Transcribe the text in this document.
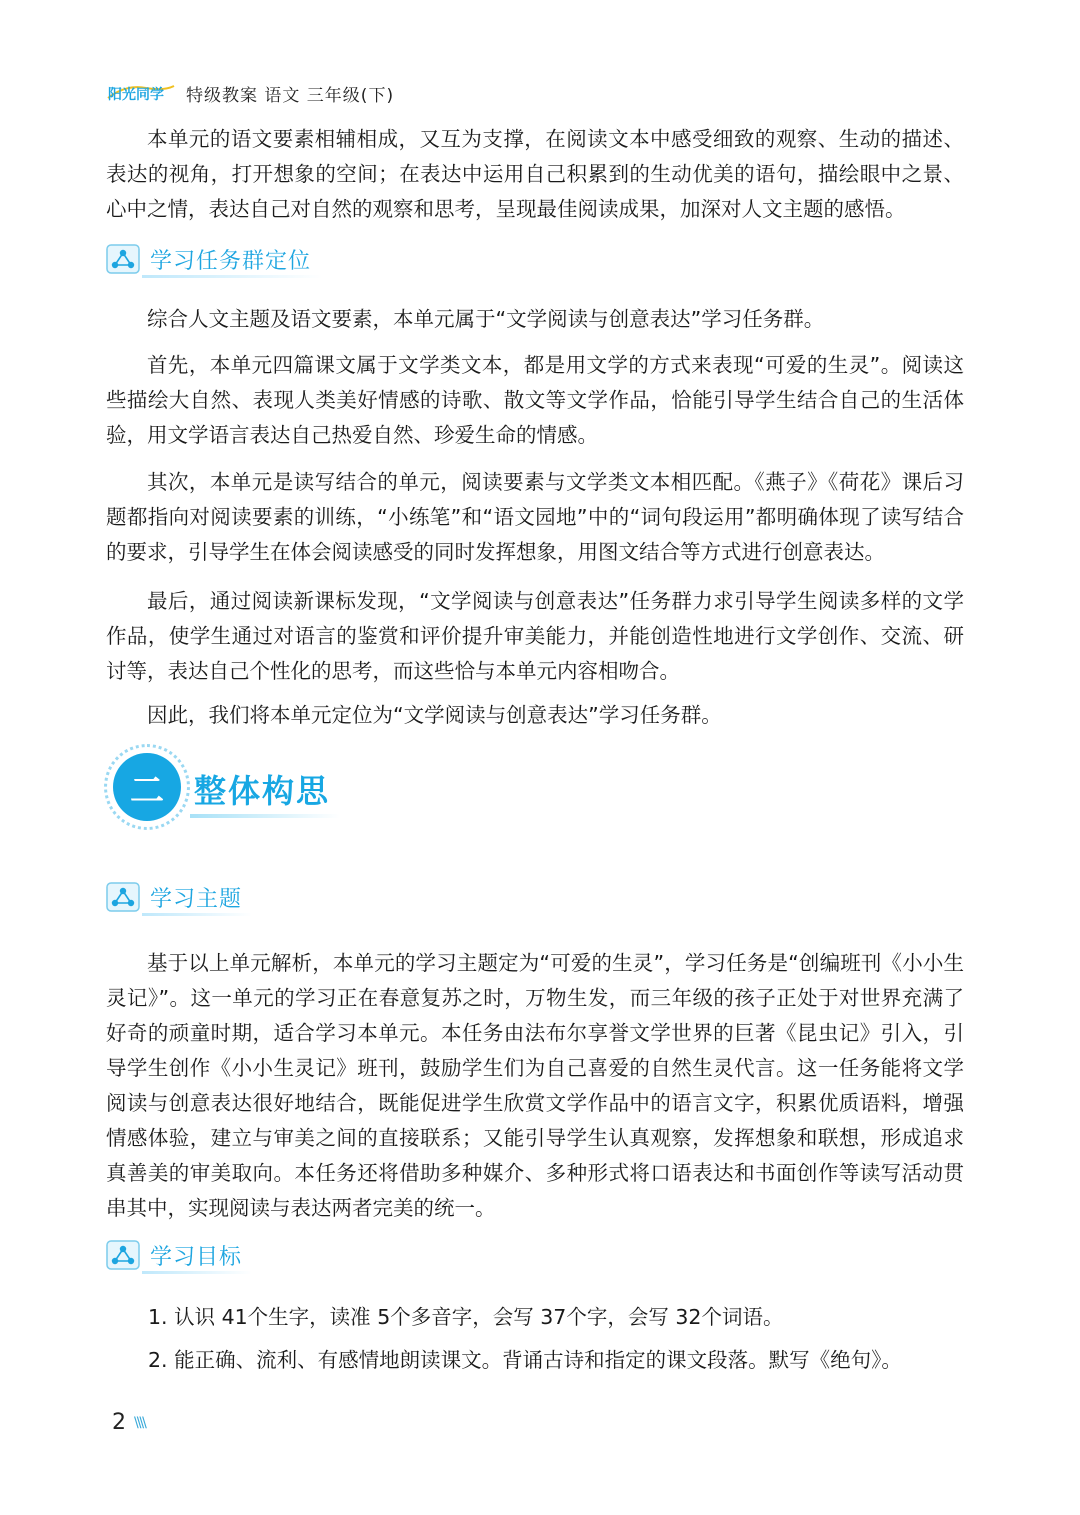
阳光同学 特级教案 语文 三年级(下)

本单元的语文要素相辅相成，又互为支撑，在阅读文本中感受细致的观察、生动的描述、表达的视角，打开想象的空间；在表达中运用自己积累到的生动优美的语句，描绘眼中之景、心中之情，表达自己对自然的观察和思考，呈现最佳阅读成果，加深对人文主题的感悟。

学习任务群定位

综合人文主题及语文要素，本单元属于“文学阅读与创意表达”学习任务群。

首先，本单元四篇课文属于文学类文本，都是用文学的方式来表现“可爱的生灵”。阅读这些描绘大自然、表现人类美好情感的诗歌、散文等文学作品，恰能引导学生结合自己的生活体验，用文学语言表达自己热爱自然、珍爱生命的情感。

其次，本单元是读写结合的单元，阅读要素与文学类文本相匹配。《燕子》《荷花》课后习题都指向对阅读要素的训练，“小练笔”和“语文园地”中的“词句段运用”都明确体现了读写结合的要求，引导学生在体会阅读感受的同时发挥想象，用图文结合等方式进行创意表达。

最后，通过阅读新课标发现，“文学阅读与创意表达”任务群力求引导学生阅读多样的文学作品，使学生通过对语言的鉴赏和评价提升审美能力，并能创造性地进行文学创作、交流、研讨等，表达自己个性化的思考，而这些恰与本单元内容相吻合。

因此，我们将本单元定位为“文学阅读与创意表达”学习任务群。

二 整体构思
学习主题

基于以上单元解析，本单元的学习主题定为“可爱的生灵”，学习任务是“创编班刊《小小生灵记》”。这一单元的学习正在春意复苏之时，万物生发，而三年级的孩子正处于对世界充满了好奇的顽童时期，适合学习本单元。本任务由法布尔享誉文学世界的巨著《昆虫记》引入，引导学生创作《小小生灵记》班刊，鼓励学生们为自己喜爱的自然生灵代言。这一任务能将文学阅读与创意表达很好地结合，既能促进学生欣赏文学作品中的语言文字，积累优质语料，增强情感体验，建立与审美之间的直接联系；又能引导学生认真观察，发挥想象和联想，形成追求真善美的审美取向。本任务还将借助多种媒介、多种形式将口语表达和书面创作等读写活动贯串其中，实现阅读与表达两者完美的统一。

学习目标

1. 认识 41个生字，读准 5个多音字，会写 37个字，会写 32个词语。

2. 能正确、流利、有感情地朗读课文。背诵古诗和指定的课文段落。默写《绝句》。

2 \\\\
